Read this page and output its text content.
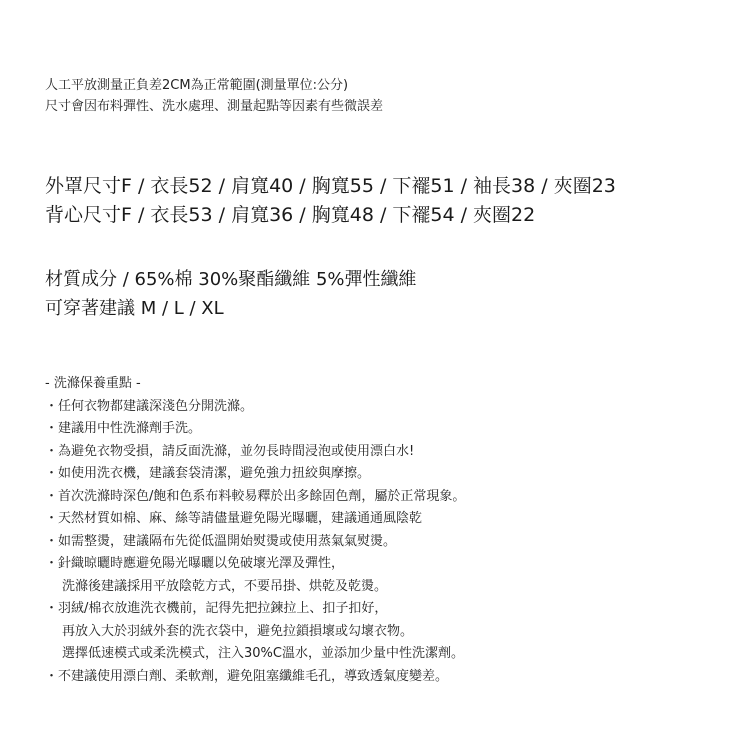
人工平放測量正負差2CM為正常範圍(測量單位:公分)
尺寸會因布料彈性、洗水處理、測量起點等因素有些微誤差
外罩尺寸F / 衣長52 / 肩寬40 / 胸寬55 / 下襬51 / 袖長38 / 夾圈23
背心尺寸F / 衣長53 / 肩寬36 / 胸寬48 / 下襬54 / 夾圈22
材質成分 / 65%棉 30%聚酯纖維 5%彈性纖維
可穿著建議 M / L / XL
- 洗滌保養重點 -
・任何衣物都建議深淺色分開洗滌。
・建議用中性洗滌劑手洗。
・為避免衣物受損，請反面洗滌，並勿長時間浸泡或使用漂白水!
・如使用洗衣機，建議套袋清潔，避免強力扭絞與摩擦。
・首次洗滌時深色/飽和色系布料較易釋於出多餘固色劑，屬於正常現象。
・天然材質如棉、麻、絲等請儘量避免陽光曝曬，建議通通風陰乾
・如需整燙，建議隔布先從低溫開始熨燙或使用蒸氣氣熨燙。
・針織晾曬時應避免陽光曝曬以免破壞光澤及彈性，
洗滌後建議採用平放陰乾方式，不要吊掛、烘乾及乾燙。
・羽絨/棉衣放進洗衣機前，記得先把拉鍊拉上、扣子扣好，
再放入大於羽絨外套的洗衣袋中，避免拉鎖損壞或勾壞衣物。
選擇低速模式或柔洗模式，注入30%C溫水，並添加少量中性洗潔劑。
・不建議使用漂白劑、柔軟劑，避免阻塞纖維毛孔，導致透氣度變差。
